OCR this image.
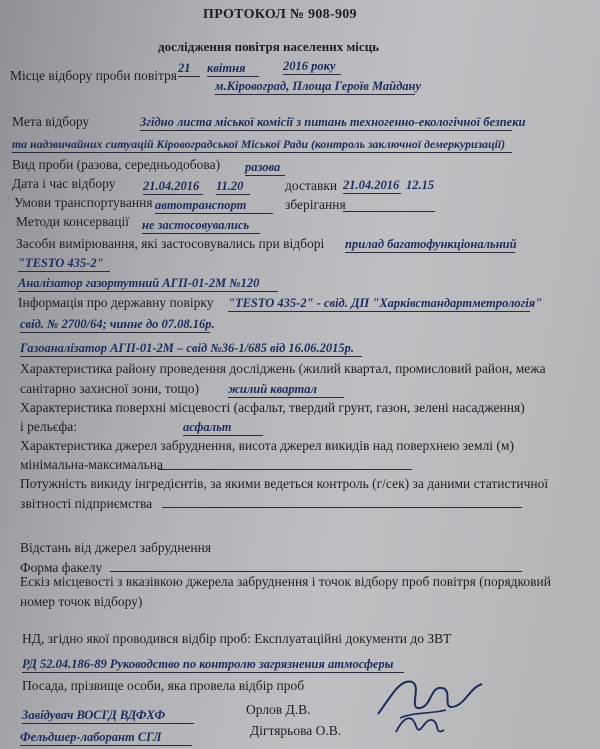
ПРОТОКОЛ № 908-909
дослідження повітря населених місць
Місце відбору проби повітря 21	квітня	2016 року
м.Кіровоград, Площа Героїв Майдану
Мета відбору	Згідно листа міської комісії з питань техногенно-екологічної безпеки
та надзвичайних ситуацій Кіровоградської Міської Ради (контроль заключної демеркуризації)
Вид проби (разова, середньодобова) разова
Дата і час відбору 21.04.2016	11.20	доставки 21.04.2016 12.15
Умови транспортування автотранспорт	зберігання
Методи консервації не застосовувались
Засоби вимірювання, які застосовувались при відборі прилад багатофункціональний
"TESTO 435-2"
Аналізатор газортутний АГП-01-2М №120
Інформація про державну повірку "TESTO 435-2" - свід. ДП "Харківстандартметрологія"
свід. № 2700/64; чинне до 07.08.16р.
Газоаналізатор АГП-01-2М – свід №36-1/685 від 16.06.2015р.
Характеристика району проведення досліджень (жилий квартал, промисловий район, межа
санітарно захисної зони, тощо) жилий квартал
Характеристика поверхні місцевості (асфальт, твердий грунт, газон, зелені насадження)
і рельєфа:	асфальт
Характеристика джерел забруднення, висота джерел викидів над поверхнею землі (м)
мінімальна-максимальна
Потужність викиду інгредієнтів, за якими ведеться контроль (г/сек) за даними статистичної
звітності підприємства
Відстань від джерел забруднення
Форма факелу
Ескіз місцевості з вказівкою джерела забруднення і точок відбору проб повітря (порядковий
номер точок відбору)
НД, згідно якої проводився відбір проб: Експлуатаційні документи до ЗВТ
РД 52.04.186-89 Руководство по контролю загрязнения атмосферы
Посада, прізвище особи, яка провела відбір проб
Завідувач ВОСГД ВДФХФ	Орлов Д.В.
Фельдшер-лаборант СГЛ	Дігтярьова О.В.
